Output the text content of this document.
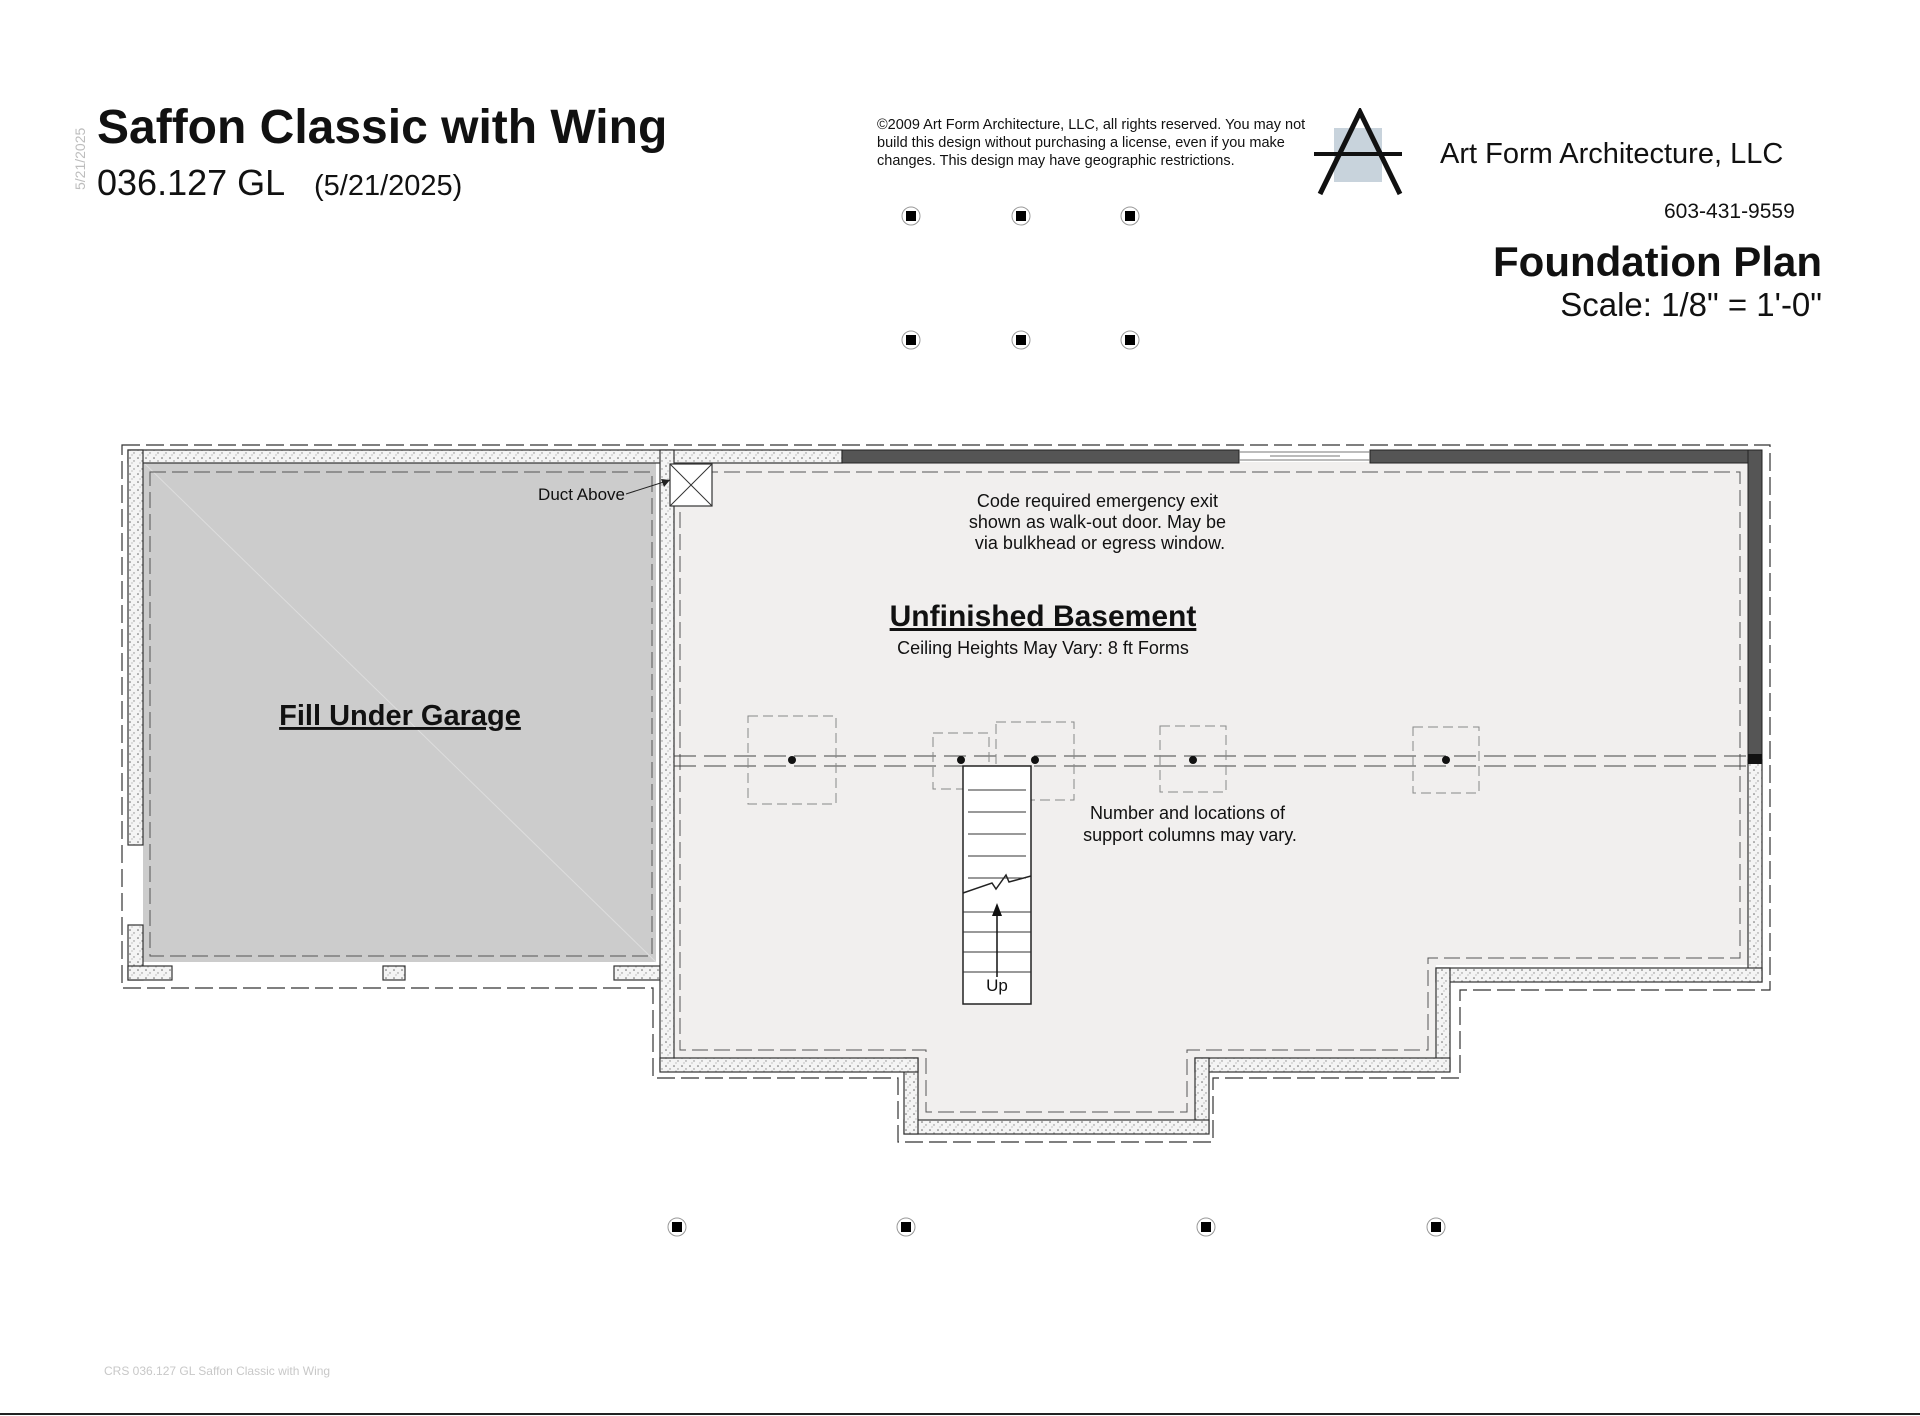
5/21/2025
Saffon Classic with Wing
036.127 GL (5/21/2025)
©2009 Art Form Architecture, LLC, all rights reserved. You may not build this design without purchasing a license, even if you make changes. This design may have geographic restrictions.	Art Form Architecture, LLC
603-431-9559
Foundation Plan
Scale: 1/8" = 1'-0"
Up
Fill Under Garage
Unfinished Basement
Ceiling Heights May Vary: 8 ft Forms
Code required emergency exit shown as walk-out door. May be via bulkhead or egress window.
Duct Above
Number and locations of support columns may vary.
CRS 036.127 GL Saffon Classic with Wing
